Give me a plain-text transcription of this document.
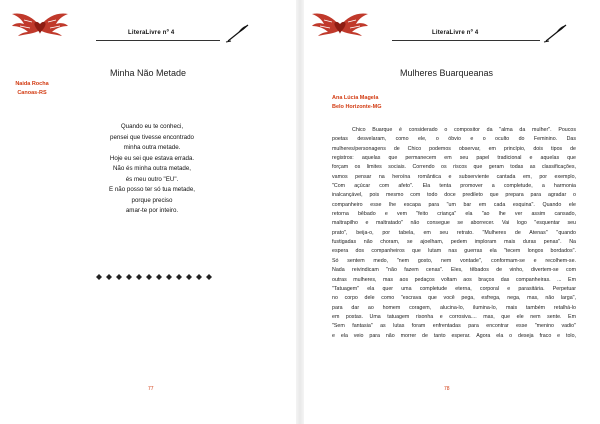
LiteraLivre nº 4
Minha Não Metade
Naida Rocha
Canoas-RS
Quando eu te conheci,
pensei que tivesse encontrado
minha outra metade.
Hoje eu sei que estava errada.
Não és minha outra metade,
és meu outro "EU".
E não posso ter só tua metade,
porque preciso
amar-te por inteiro.
77
LiteraLivre nº 4
Mulheres Buarqueanas
Ana Lúcia Magela
Belo Horizonte-MG
Chico Buarque é considerado o compositor da "alma da mulher". Poucos
poetas desvelaram, como ele, o óbvio e o oculto do Feminino. Das
mulheres/personagens de Chico podemos observar, em princípio, dois tipos de
registros: aquelas que permanecem em seu papel tradicional e aquelas que
forçam os limites sociais. Correndo os riscos que geram todas as classificações,
vamos pensar na heroína romântica e subserviente cantada em, por exemplo,
"Com açúcar com afeto". Ela tenta promover a completude, a harmonia
inalcançável, pois mesmo com todo doce predileto que prepara para agradar o
companheiro esse lhe escapa para "um bar em cada esquina". Quando ele
retorna bêbado e vem "feito criança" ela "ao lhe ver assim cansado,
maltrapilho e maltratado" não consegue se aborrecer. Vai logo "esquentar seu
prato", beija-o, por tabela, em seu retrato. "Mulheres de Atenas" "quando
fustigadas não choram, se ajoelham, pedem imploram mais duras penas". Na
espera dos companheiros que lutam nas guerras ela "tecem longos bordados".
Só sentem medo, "nem gosto, nem vontade", conformam-se e recolhem-se.
Nada reivindicam "não fazem cenas". Eles, têbados de vinho, divertem-se com
outras mulheres, mas aos pedaços voltam aos braços das companheiras. ... Em
"Tatuagem" ela quer uma completude eterna, corporal e parasitária. Perpetuar
no corpo dele como "escrava que você pega, esfrega, nega, mas, não larga",
para dar ao homem coragem, alucina-lo, ilumina-lo, mais também retalhá-lo
em postas. Uma tatuagem risonha e corrosiva.... mas, que ele nem sente. Em
"Sem fantasia" as lutas foram enfrentadas para encontrar esse "menino vadio"
e ela veio para não morrer de tanto esperar. Agora ela o deseja fraco e tolo,
78
